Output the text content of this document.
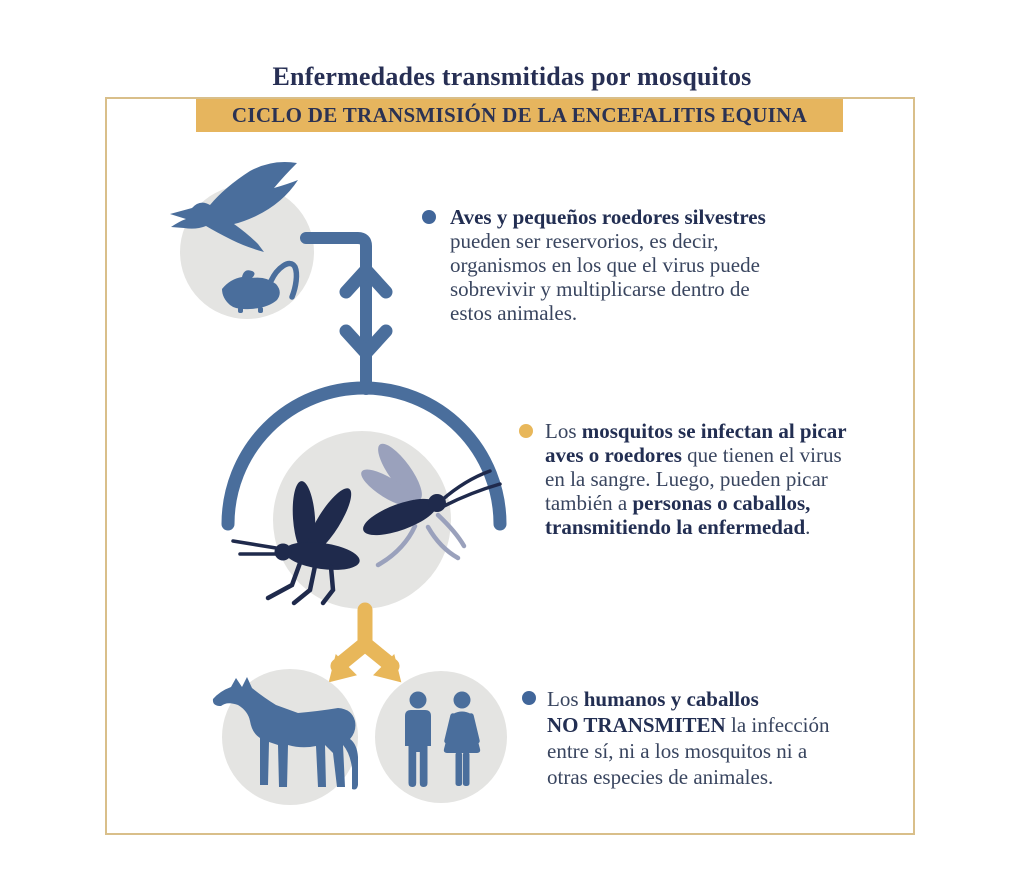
Enfermedades transmitidas por mosquitos
CICLO DE TRANSMISIÓN DE LA ENCEFALITIS EQUINA
Aves y pequeños roedores silvestres
pueden ser reservorios, es decir,
organismos en los que el virus puede
sobrevivir y multiplicarse dentro de
estos animales.
Los mosquitos se infectan al picar
aves o roedores que tienen el virus
en la sangre. Luego, pueden picar
también a personas o caballos,
transmitiendo la enfermedad.
Los humanos y caballos
NO TRANSMITEN la infección
entre sí, ni a los mosquitos ni a
otras especies de animales.
